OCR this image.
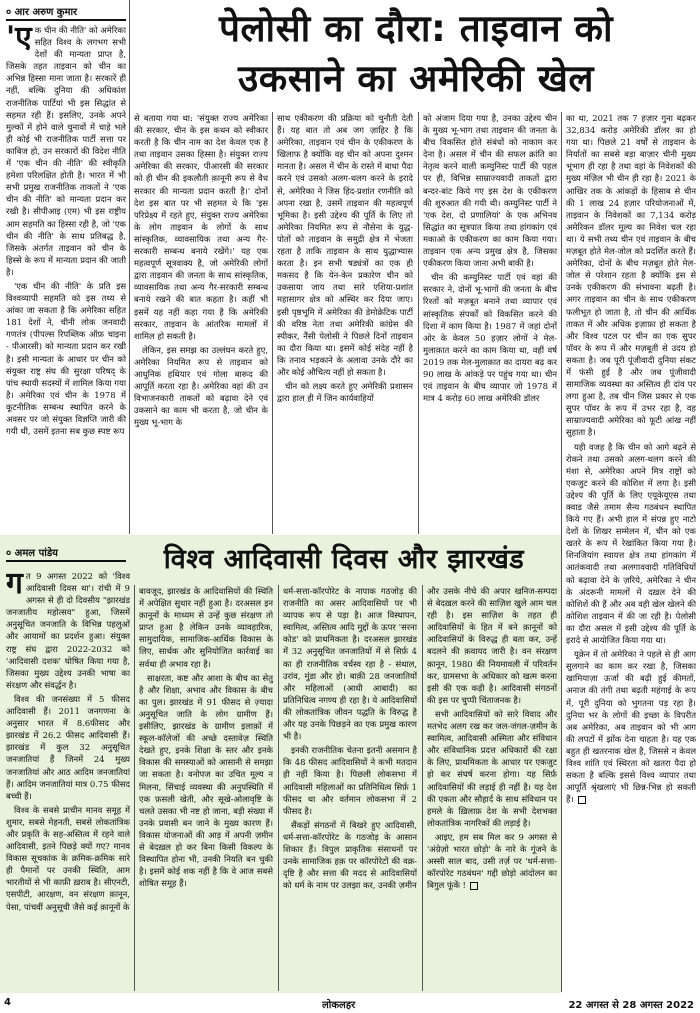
० आर अरुण कुमार	पेलोसी का दौरा: ताइवान को
उकसाने का अमेरिकी खेल
'ए क चीन की नीति' को अमेरिका सहित विश्व के लगभग सभी देशों की मान्यता प्राप्त है, जिसके तहत ताइवान को चीन का अभिन्न हिस्सा माना जाता है। सरकारें ही नहीं, बल्कि दुनिया की अधिकांश राजनीतिक पार्टियां भी इस सिद्धांत से सहमत रही हैं। इसलिए, उनके अपने मुल्कों में होने वाले चुनावों में चाहे भले ही कोई भी राजनीतिक पार्टी सत्ता पर काबिज हो, उन सरकारों की विदेश नीति में 'एक चीन की नीति' की स्वीकृति हमेशा परिलक्षित होती है। भारत में भी सभी प्रमुख राजनीतिक ताकतों ने 'एक चीन की नीति' को मान्यता प्रदान कर रखी है। सीपीआइ (एम) भी इस राष्ट्रीय आम सहमति का हिस्सा रही है, जो 'एक चीन की नीति' के साथ प्रतिबद्ध है, जिसके अंतर्गत ताइवान को चीन के हिस्से के रूप में मान्यता प्रदान की जाती है।

'एक चीन की नीति' के प्रति इस विश्वव्यापी सहमति को इस तथ्य से आंका जा सकता है कि अमेरिका सहित 181 देशों ने, चीनी लोक जनवादी गणतंत्र (पीपल्स रिपब्लिक ऑफ़ चाइना - पीआरसी) को मान्यता प्रदान कर रखी है। इसी मान्यता के आधार पर चीन को संयुक्त राष्ट्र संघ की सुरक्षा परिषद् के पांच स्थायी सदस्यों में शामिल किया गया है। अमेरिका एवं चीन के 1978 में कूटनीतिक सम्बन्ध स्थापित करने के अवसर पर जो संयुक्त विज्ञप्ति जारी की गयी थी, उसमें इतना सब कुछ स्पष्ट रूप

से बताया गया था: 'संयुक्त राज्य अमेरिका की सरकार, चीन के इस कथन को स्वीकार करती है कि चीन नाम का देश केवल एक है तथा ताइवान उसका हिस्सा है। संयुक्त राज्य अमेरिका की सरकार, पीआरसी की सरकार को ही चीन की इकलौती क़ानूनी रूप से वैध सरकार की मान्यता प्रदान करती है।' दोनों देश इस बात पर भी सहमत थे कि 'इस परिप्रेक्ष्य में रहते हुए, संयुक्त राज्य अमेरिका के लोग ताइवान के लोगों के साथ सांस्कृतिक, व्यावसायिक तथा अन्य गैर-सरकारी सम्बन्ध बनाये रखेंगे।' यह एक महत्वपूर्ण सूत्रवाक्य है, जो अमेरिकी लोगों द्वारा ताइवान की जनता के साथ सांस्कृतिक, व्यावसायिक तथा अन्य गैर-सरकारी सम्बन्ध बनाये रखने की बात कहता है। कहीं भी इसमें यह नहीं कहा गया है कि अमेरिकी सरकार, ताइवान के आंतरिक मामलों में शामिल हो सकती है।

लेकिन, इस समझ का उल्लंघन करते हुए, अमेरिका नियमित रूप से ताइवान को आधुनिक हथियार एवं गोला बारूद की आपूर्ति करता रहा है। अमेरिका वहां की उन विभाजनकारी ताकतों को बढ़ावा देने एवं उकसाने का काम भी करता है, जो चीन के मुख्य भू-भाग के

साथ एकीकरण की प्रक्रिया को चुनौती देती हैं। यह बात तो अब जग ज़ाहिर है कि अमेरिका, ताइवान एवं चीन के एकीकरण के खिलाफ है क्योंकि वह चीन को अपना दुश्मन मानता है। असल में चीन के रास्ते में बाधा पैदा करने एवं उसको अलग-थलग करने के इरादे से, अमेरिका ने जिस हिंद-प्रशांत रणनीति को अपना रखा है, उसमें ताइवान की महत्वपूर्ण भूमिका है। इसी उद्देश्य की पूर्ति के लिए तो अमेरिका नियमित रूप से नौसेना के युद्ध-पोतों को ताइवान के समुद्री क्षेत्र में भेजता रहता है ताकि ताइवान के साथ युद्धाभ्यास करता है। इन सभी षड्यंत्रों का एक ही मकसद है कि येन-केन प्रकारेण चीन को उकसाया जाय तथा सारे एशिया-प्रशांत महासागर क्षेत्र को अस्थिर कर दिया जाए। इसी पृष्ठभूमि में अमेरिका की डेमोक्रेटिक पार्टी की वरिष्ठ नेता तथा अमेरिकी कांग्रेस की स्पीकर, नैंसी पेलोसी ने पिछले दिनों ताइवान का दौरा किया था। इसमें कोई संदेह नहीं है कि तनाव भड़काने के अलावा उनके दौरे का और कोई औचित्य नहीं हो सकता है।

चीन को लक्ष्य करते हुए अमेरिकी प्रशासन द्वारा हाल ही में जिन कार्यवाहियों

को अंजाम दिया गया है, उनका उद्देश्य चीन के मुख्य भू-भाग तथा ताइवान की जनता के बीच विकसित होते संबंधों को नाकाम कर देना है। असल में चीन की सफल क्रांति का नेतृत्व करने वाली कम्युनिस्ट पार्टी की पहल पर ही, विभिन्न साम्राज्यवादी ताकतों द्वारा बन्दर-बांट किये गए इस देश के एकीकरण की शुरुआत की गयी थी। कम्युनिस्ट पार्टी ने 'एक देश, दो प्रणालियां' के एक अभिनव सिद्धांत का सूत्रपात किया तथा हांगकांग एवं मकाओ के एकीकरण का काम किया गया। ताइवान एक अन्य प्रमुख क्षेत्र है, जिसका एकीकरण किया जाना अभी बाकी है।

चीन की कम्युनिस्ट पार्टी एवं वहां की सरकार ने, दोनों भू-भागों की जनता के बीच रिश्तों को मज़बूत बनाने तथा व्यापार एवं सांस्कृतिक संपर्कों को विकसित करने की दिशा में काम किया है। 1987 में जहां दोनों ओर के केवल 50 हज़ार लोगों ने मेल-मुलाक़ात करने का काम किया था, वहीं वर्ष 2019 तक मेल-मुलाक़ात का दायरा बढ़ कर 90 लाख के आंकड़े पर पहुंच गया था। चीन एवं ताइवान के बीच व्यापार जो 1978 में मात्र 4 करोड़ 60 लाख अमेरिकी डॉलर

का था, 2021 तक 7 हज़ार गुना बढ़कर 32,834 करोड़ अमेरिकी डॉलर का हो गया था। पिछले 21 वर्षों से ताइवान के निर्यातों का सबसे बड़ा बाज़ार चीनी मुख्य भूभाग ही रहा है तथा वहां के निवेशकों की मुख्य मंज़िल भी चीन ही रहा है। 2021 के आखिर तक के आंकड़ों के हिसाब से चीन की 1 लाख 24 हज़ार परियोजनाओं में, ताइवान के निवेशकों का 7,134 करोड़ अमेरिकन डॉलर मूल्य का निवेश चल रहा था। ये सभी तथ्य चीन एवं ताइवान के बीच मज़बूत होते मेल-जोल को प्रदर्शित करते हैं। अमेरिका, दोनों के बीच मज़बूत होते मेल-जोल से परेशान रहता है क्योंकि इस से उनके एकीकरण की संभावना बढ़ती है। अगर ताइवान का चीन के साथ एकीकरण फलीभूत हो जाता है, तो चीन की आर्थिक ताकत में और अधिक इज़ाफ़ा हो सकता है और विश्व पटल पर चीन का एक सुपर पॉवर के रूप में और मज़बूती से उदय हो सकता है। जब पूरी पूंजीवादी दुनिया संकट में फंसी हुई है और जब पूंजीवादी सामाजिक व्यवस्था का अस्तित्व ही दांव पर लगा हुआ है, तब चीन जिस प्रकार से एक सुपर पॉवर के रूप में उभर रहा है, वह साम्राज्यवादी अमेरिका को फूटी आंख नहीं सुहाता है।

यही वजह है कि चीन को आगे बढ़ने से रोकने तथा उसको अलग-थलग करने की मंशा से, अमेरिका अपने मित्र राष्ट्रों को एकजुट करने की कोशिश में लगा है। इसी उद्देश्य की पूर्ति के लिए एयूकेयूएस तथा क्वाड जैसे तमाम सैन्य गठबंधन स्थापित किये गए हैं। अभी हाल में संपन्न हुए नाटो देशों के शिखर सम्मेलन में, चीन को एक खतरे के रूप में रेखांकित किया गया है। शिनजियांग स्वायत्त क्षेत्र तथा हांगकांग में आतंकवादी तथा अलगाववादी गतिविधियों को बढ़ावा देने के ज़रिये, अमेरिका ने चीन के अंदरूनी मामलों में दख़ल देने की कोशिशें की हैं और अब वही खेल खेलने की कोशिश ताइवान में की जा रही है। पेलोसी का दौरा असल में इसी उद्देश्य की पूर्ति के इरादे से आयोजित किया गया था।

यूक्रेन में तो अमेरिका ने पहले से ही आग सुलगाने का काम कर रखा है, जिसका खामियाज़ा ऊर्जा की बढ़ी हुई कीमतों, अनाज की तंगी तथा बढ़ती महंगाई के रूप में, पूरी दुनिया को भुगतना पड़ रहा है। दुनिया भर के लोगों की इच्छा के विपरीत अब अमेरिका, अब ताइवान को भी आग की लपटों में झोंक देना चाहता है। यह एक बहुत ही खतरनाक खेल है, जिससे न केवल विश्व शांति एवं स्थिरता को खतरा पैदा हो सकता है बल्कि इससे विश्व व्यापार तथा आपूर्ति श्रृंखलाएं भी छिन्न-भिन्न हो सकती हैं।

० अमल पांडेय	विश्व आदिवासी दिवस और झारखंड
ग त 9 अगस्त 2022 को 'विश्व आदिवासी दिवस था'। रांची में 9 अगस्त से ही दो दिवसीय "झारखंड जनजातीय महोत्सव" हुआ, जिसमें अनुसूचित जनजाति के विभिन्न पहलुओं और आयामों का प्रदर्शन हुआ। संयुक्त राष्ट्र संघ द्वारा 2022-2032 को 'आदिवासी दशक' घोषित किया गया है, जिसका मुख्य उद्देश्य उनकी भाषा का संरक्षण और संवर्द्धन है।

विश्व की जनसंख्या में 5 फीसद आदिवासी हैं। 2011 जनगणना के अनुसार भारत में 8.6फीसद और झारखंड में 26.2 फीसद आदिवासी हैं। झारखंड में कुल 32 अनुसूचित जनजातियां हैं जिनमें 24 मुख्य जनजातियां और आठ आदिम जनजातियां हैं। आदिम जनजातियां मात्र 0.75 फीसद बच्ची हैं।

विश्व के सबसे प्राचीन मानव समूह में शुमार, सबसे मेहनती, सबसे लोकतांत्रिक और प्रकृति के सह-अस्तित्व में रहने वाले आदिवासी, इतने पिछड़े क्यों गए? मानव विकास सूचकांक के क्रमिक-क्रमिक सारे ही पैमानों पर उनकी स्थिति, आम भारतीयों से भी काफ़ी ख़राब है। सीएनटी, एसपीटी, आरक्षण, वन संरक्षण क़ानून, पेसा, पांचवीं अनुसूची जैसे कई क़ानूनों के

बावजूद, झारखंड के आदिवासियों की स्थिति में अपेक्षित सुधार नहीं हुआ है। दरअसल इन क़ानूनों के माध्यम से उन्हें कुछ संरक्षण तो प्राप्त हुआ है लेकिन उनके व्यावहारिक, सामुदायिक, सामाजिक-आर्थिक विकास के लिए, सार्थक और सुनियोजित कार्रवाई का सर्वथा ही अभाव रहा है।

साक्षरता, कष्ट और आशा के बीच का सेतु है और शिक्षा, अभाव और विकास के बीच का पुल। झारखंड में 91 फीसद से ज़्यादा अनुसूचित जाति के लोग ग्रामीण हैं। इसीलिए, झारखंड के ग्रामीण इलाक़ों में स्कूल-कॉलेजों की अच्छे दस्तावेज़ स्थिति देखते हुए, इनके शिक्षा के स्तर और इनके विकास की समस्याओं को आसानी से समझा जा सकता है। वनोपज का उचित मूल्य न मिलना, सिंचाई व्यवस्था की अनुपस्थिति में एक फ़सली खेती, और सूखे-ओलावृष्टि के चलते उसका भी नष्ट हो जाना, बड़ी संख्या में उनके प्रवासी बन जाने के मुख्य कारण हैं। विकास योजनाओं की आड़ में अपनी ज़मीन से बेदख़ल हो कर बिना किसी विकल्प के विस्थापित होना भी, उनकी नियति बन चुकी है। इसमें कोई शक नहीं है कि वे आज सबसे शोषित समूह हैं।

धर्म-सत्ता-कॉरपोरेट के नापाक गठजोड़ की राजनीति का असर आदिवासियों पर भी व्यापक रूप से पड़ा है। आज विस्थापन, स्वामित्व, अस्तित्व आदि मुद्दों के ऊपर 'सरना कोड' को प्राथमिकता है। दरअसल झारखंड में 32 अनुसूचित जनजातियों में से सिर्फ़ 4 का ही राजनीतिक वर्चस्व रहा है - संथाल, उरांव, मुंडा और हो। बाक़ी 28 जनजातियों और महिलाओं (आधी आबादी) का प्रतिनिधित्व नगण्य ही रहा है। ये आदिवासियों की लोकतांत्रिक जीवन पद्धति के विरुद्ध है और यह उनके पिछड़ने का एक प्रमुख कारण भी है।

इनकी राजनीतिक चेतना इतनी असमान है कि 48 फीसद आदिवासियों ने कभी मतदान ही नहीं किया है। पिछली लोकसभा में आदिवासी महिलाओं का प्रतिनिधित्व सिर्फ़ 1 फीसद था और वर्तमान लोकसभा में 2 फीसद है।

सैंकड़ों संगठनों में बिखरे हुए आदिवासी, धर्म-सत्ता-कॉरपोरेट के गठजोड़ के आसान शिकार हैं। विपुल प्राकृतिक संसाधनों पर उनके सामाजिक हक़ पर कॉरपोरेटों की वक्र-दृष्टि है और सत्ता की मदद से आदिवासियों को धर्म के नाम पर उलझा कर, उनकी ज़मीन

और उसके नीचे की अपार खनिज-सम्पदा से बेदख़ल करने की साज़िश खुले आम चल रही है। इस साज़िश के तहत ही आदिवासियों के हित में बने क़ानूनों को आदिवासियों के विरुद्ध ही बता कर, उन्हें बदलने की क़वायद जारी है। वन संरक्षण क़ानून, 1980 की नियमावली में परिवर्तन कर, ग्रामसभा के अधिकार को खत्म करना इसी की एक कड़ी है। आदिवासी संगठनों की इस पर चुप्पी चिंताजनक है।

सभी आदिवासियों को सारे विवाद और मतभेद अलग रख कर जल-जंगल-ज़मीन के स्वामित्व, आदिवासी अस्मिता और संविधान और संविधानिक प्रदत्त अधिकारों की रक्षा के लिए, प्राथमिकता के आधार पर एकजुट हो कर संघर्ष करना होगा। यह सिर्फ़ आदिवासियों की लड़ाई ही नहीं है। यह देश की एकता और सौहार्द के साथ संविधान पर हमले के ख़िलाफ़ देश के सभी देशभक्त लोकतांत्रिक नागरिकों की लड़ाई है।

आइए, हम सब मिल कर 9 अगस्त से 'अंग्रेज़ो भारत छोड़ो' के नारे के गूंजने के अस्सी साल बाद, उसी तर्ज़ पर 'धर्म-सत्ता-कॉरपोरेट गठबंधन' गद्दी छोड़ो आंदोलन का बिगुल फूंकें !

4	लोकलहर	22 अगस्त से 28 अगस्त 2022
